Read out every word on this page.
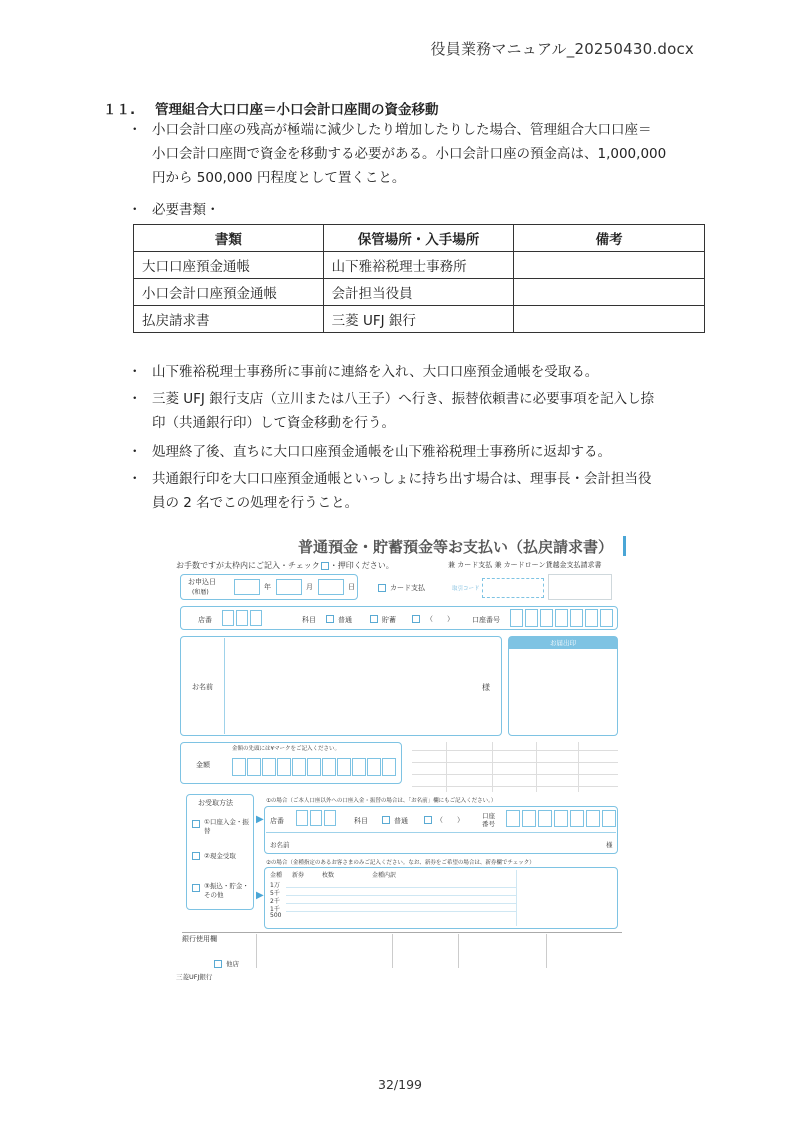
役員業務マニュアル_20250430.docx
１１.	管理組合大口口座＝小口会計口座間の資金移動
・ 小口会計口座の残高が極端に減少したり増加したりした場合、管理組合大口口座＝
小口会計口座間で資金を移動する必要がある。小口会計口座の預金高は、1,000,000
円から 500,000 円程度として置くこと。
・ 必要書類・
書類	保管場所・入手場所	備考
大口口座預金通帳	山下雅裕税理士事務所	
小口会計口座預金通帳	会計担当役員	
払戻請求書	三菱 UFJ 銀行	
・ 山下雅裕税理士事務所に事前に連絡を入れ、大口口座預金通帳を受取る。
・ 三菱 UFJ 銀行支店（立川または八王子）へ行き、振替依頼書に必要事項を記入し捺
印（共通銀行印）して資金移動を行う。
・ 処理終了後、直ちに大口口座預金通帳を山下雅裕税理士事務所に返却する。
・ 共通銀行印を大口口座預金通帳といっしょに持ち出す場合は、理事長・会計担当役
員の 2 名でこの処理を行うこと。
普通預金・貯蓄預金等お支払い（払戻請求書）
お手数ですが太枠内にご記入・チェック ・押印ください。	兼 カード支払 兼 カードローン貸越金支払請求書
お申込日
(和暦)
年	月	日	カード支払	取引コード
店番	科目	普通	貯蓄	（　　）	口座番号
お名前	様
お届出印
金額
金額の先頭には¥マークをご記入ください。
お受取方法
①口座入金・振替
②現金受取
③振込・貯金・その他
▶
▶
①の場合（ご本人口座以外への口座入金・振替の場合は、「お名前」欄にもご記入ください。）
店番	科目	普通	（　　）	口座
番号
お名前	様
②の場合（金種指定のあるお客さまのみご記入ください。なお、新券をご希望の場合は、新券欄でチェック）
金種 新券	枚数	金種内訳
1万
5千
2千
1千
500
銀行使用欄
他店
三菱UFJ銀行
32/199
